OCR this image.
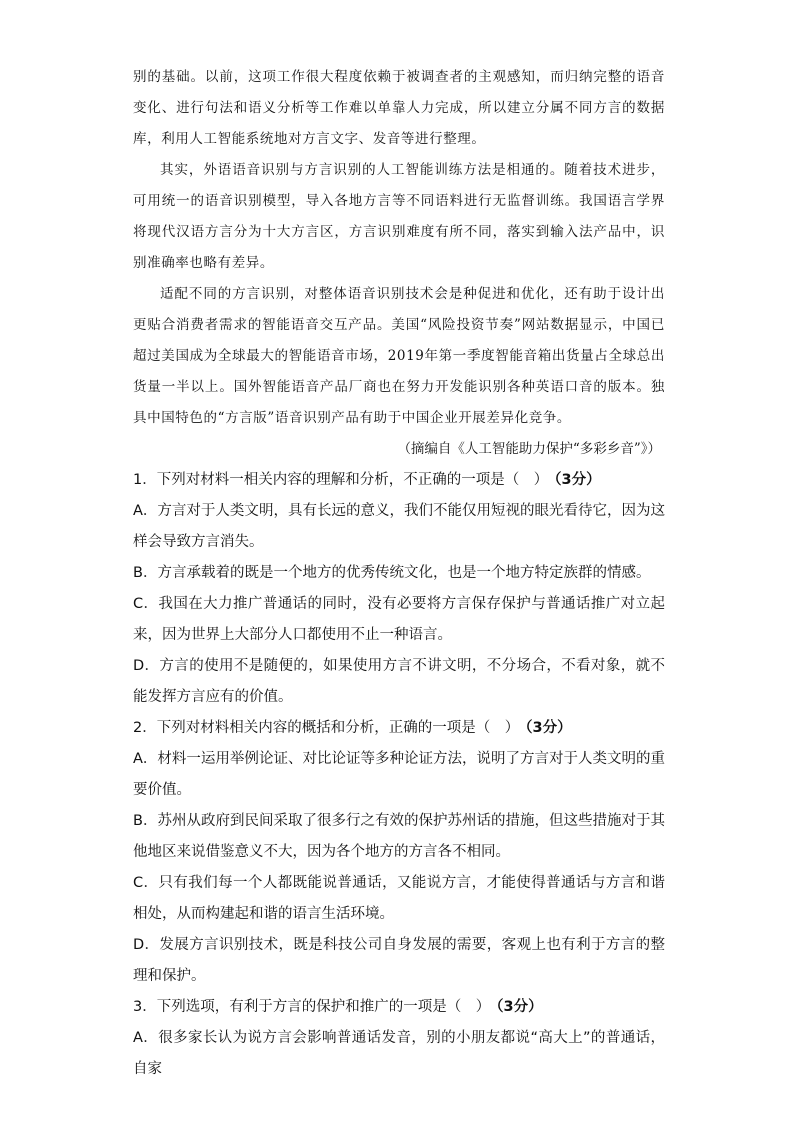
别的基础。以前，这项工作很大程度依赖于被调查者的主观感知，而归纳完整的语音变化、进行句法和语义分析等工作难以单靠人力完成，所以建立分属不同方言的数据库，利用人工智能系统地对方言文字、发音等进行整理。

其实，外语语音识别与方言识别的人工智能训练方法是相通的。随着技术进步，可用统一的语音识别模型，导入各地方言等不同语料进行无监督训练。我国语言学界将现代汉语方言分为十大方言区，方言识别难度有所不同，落实到输入法产品中，识别准确率也略有差异。

适配不同的方言识别，对整体语音识别技术会是种促进和优化，还有助于设计出更贴合消费者需求的智能语音交互产品。美国“风险投资节奏”网站数据显示，中国已超过美国成为全球最大的智能语音市场，2019年第一季度智能音箱出货量占全球总出货量一半以上。国外智能语音产品厂商也在努力开发能识别各种英语口音的版本。独具中国特色的“方言版”语音识别产品有助于中国企业开展差异化竞争。

（摘编自《人工智能助力保护“多彩乡音”》）

1．下列对材料一相关内容的理解和分析，不正确的一项是（　） （3分）

A．方言对于人类文明，具有长远的意义，我们不能仅用短视的眼光看待它，因为这样会导致方言消失。

B．方言承载着的既是一个地方的优秀传统文化，也是一个地方特定族群的情感。

C．我国在大力推广普通话的同时，没有必要将方言保存保护与普通话推广对立起来，因为世界上大部分人口都使用不止一种语言。

D．方言的使用不是随便的，如果使用方言不讲文明，不分场合，不看对象，就不能发挥方言应有的价值。

2．下列对材料相关内容的概括和分析，正确的一项是（　） （3分）

A．材料一运用举例论证、对比论证等多种论证方法，说明了方言对于人类文明的重要价值。

B．苏州从政府到民间采取了很多行之有效的保护苏州话的措施，但这些措施对于其他地区来说借鉴意义不大，因为各个地方的方言各不相同。

C．只有我们每一个人都既能说普通话，又能说方言，才能使得普通话与方言和谐相处，从而构建起和谐的语言生活环境。

D．发展方言识别技术，既是科技公司自身发展的需要，客观上也有利于方言的整理和保护。

3．下列选项，有利于方言的保护和推广的一项是（　） （3分）

A．很多家长认为说方言会影响普通话发音，别的小朋友都说“高大上”的普通话，自家
